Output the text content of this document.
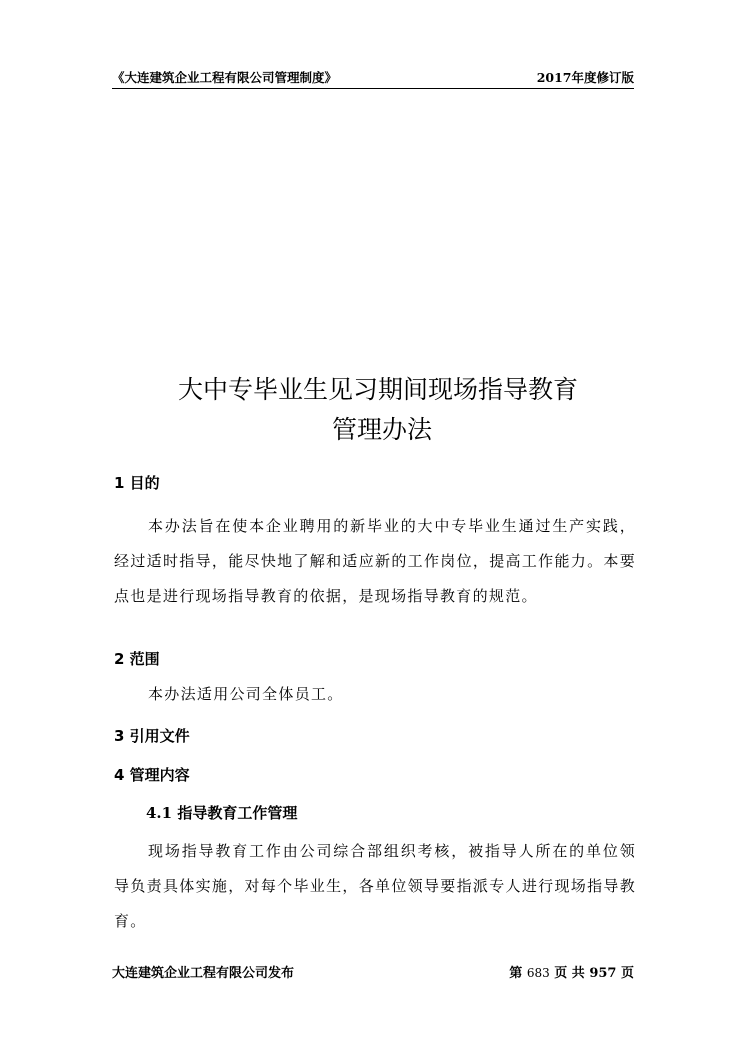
《大连建筑企业工程有限公司管理制度》	2017年度修订版
大中专毕业生见习期间现场指导教育
管理办法
1 目的
本办法旨在使本企业聘用的新毕业的大中专毕业生通过生产实践，经过适时指导，能尽快地了解和适应新的工作岗位，提高工作能力。本要点也是进行现场指导教育的依据，是现场指导教育的规范。
2 范围
本办法适用公司全体员工。
3 引用文件
4 管理内容
4.1 指导教育工作管理
现场指导教育工作由公司综合部组织考核，被指导人所在的单位领导负责具体实施，对每个毕业生，各单位领导要指派专人进行现场指导教育。
大连建筑企业工程有限公司发布	第 683 页 共 957 页
